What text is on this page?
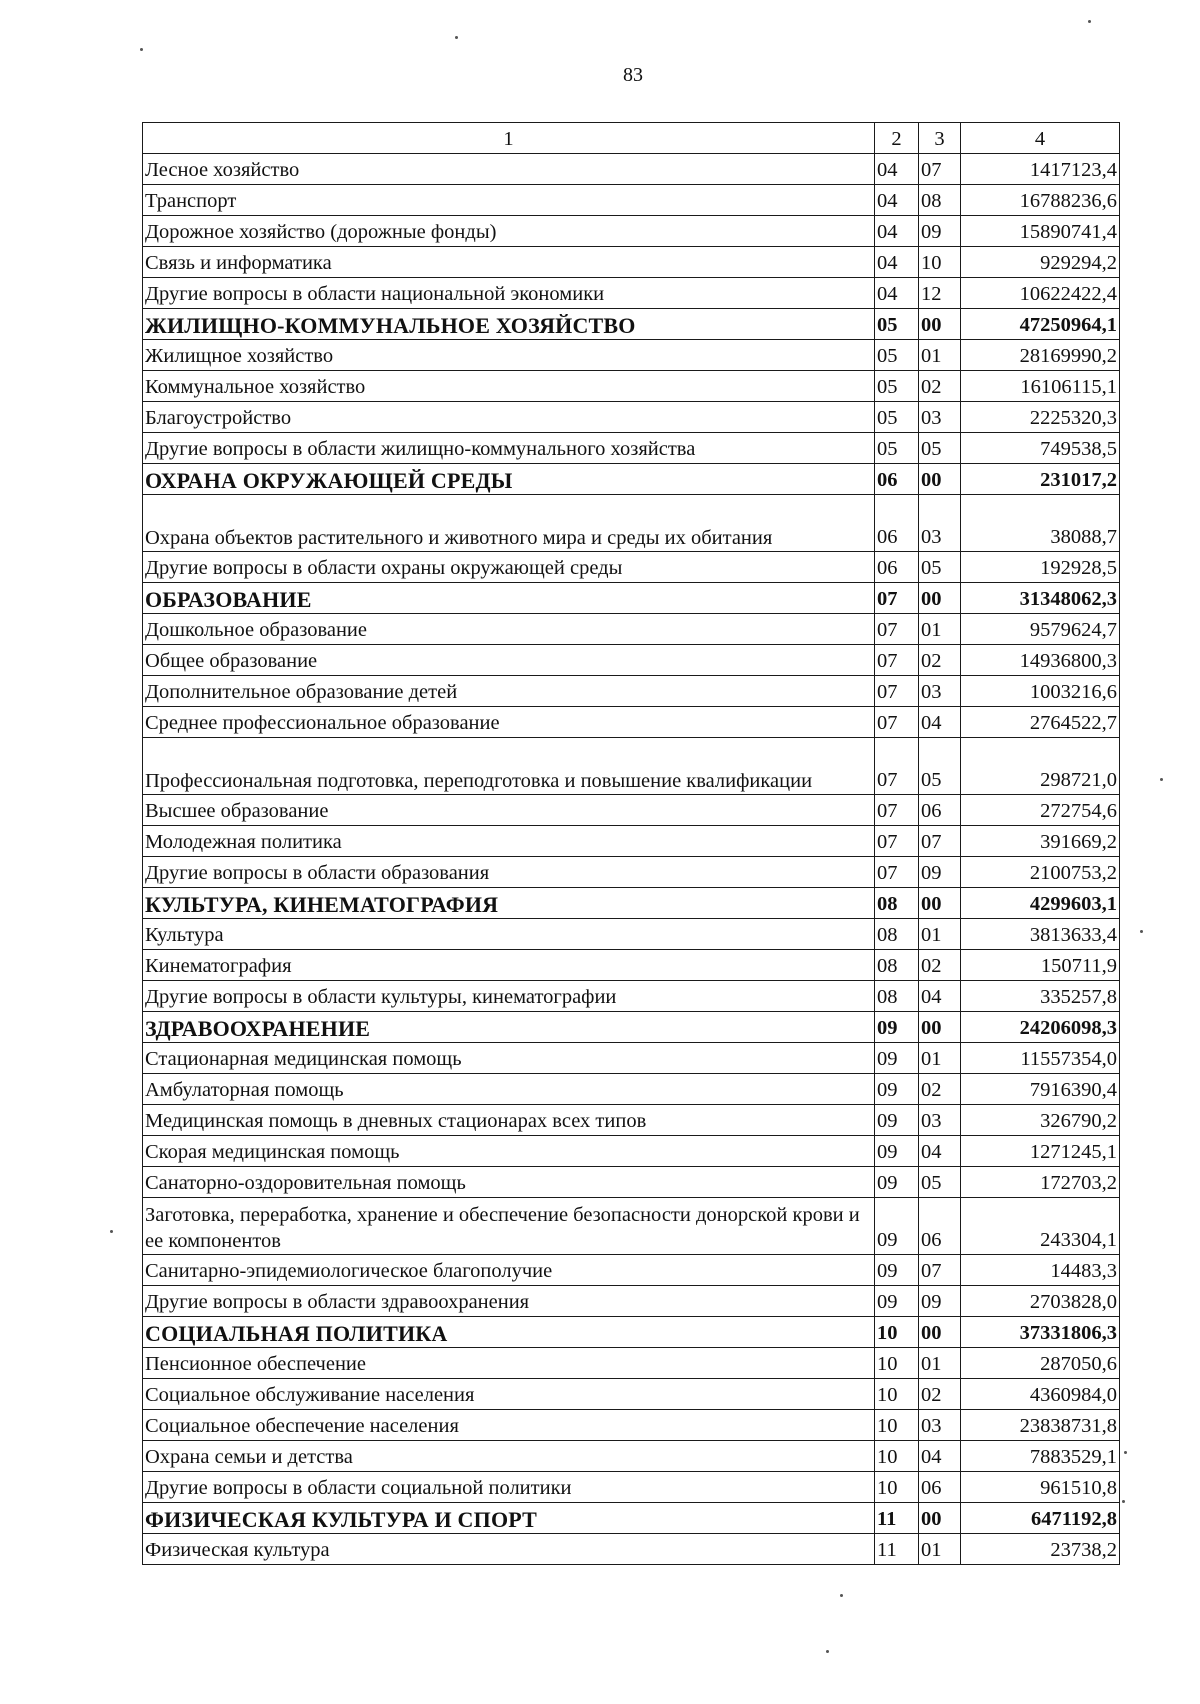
83
1	2	3	4
Лесное хозяйство	04	07	1417123,4
Транспорт	04	08	16788236,6
Дорожное хозяйство (дорожные фонды)	04	09	15890741,4
Связь и информатика	04	10	929294,2
Другие вопросы в области национальной экономики	04	12	10622422,4
ЖИЛИЩНО-КОММУНАЛЬНОЕ ХОЗЯЙСТВО	05	00	47250964,1
Жилищное хозяйство	05	01	28169990,2
Коммунальное хозяйство	05	02	16106115,1
Благоустройство	05	03	2225320,3
Другие вопросы в области жилищно-коммунального хозяйства	05	05	749538,5
ОХРАНА ОКРУЖАЮЩЕЙ СРЕДЫ	06	00	231017,2
Охрана объектов растительного и животного мира и среды их обитания	06	03	38088,7
Другие вопросы в области охраны окружающей среды	06	05	192928,5
ОБРАЗОВАНИЕ	07	00	31348062,3
Дошкольное образование	07	01	9579624,7
Общее образование	07	02	14936800,3
Дополнительное образование детей	07	03	1003216,6
Среднее профессиональное образование	07	04	2764522,7
Профессиональная подготовка, переподготовка и повышение квалификации	07	05	298721,0
Высшее образование	07	06	272754,6
Молодежная политика	07	07	391669,2
Другие вопросы в области образования	07	09	2100753,2
КУЛЬТУРА, КИНЕМАТОГРАФИЯ	08	00	4299603,1
Культура	08	01	3813633,4
Кинематография	08	02	150711,9
Другие вопросы в области культуры, кинематографии	08	04	335257,8
ЗДРАВООХРАНЕНИЕ	09	00	24206098,3
Стационарная медицинская помощь	09	01	11557354,0
Амбулаторная помощь	09	02	7916390,4
Медицинская помощь в дневных стационарах всех типов	09	03	326790,2
Скорая медицинская помощь	09	04	1271245,1
Санаторно-оздоровительная помощь	09	05	172703,2
Заготовка, переработка, хранение и обеспечение безопасности донорской крови и ее компонентов	09	06	243304,1
Санитарно-эпидемиологическое благополучие	09	07	14483,3
Другие вопросы в области здравоохранения	09	09	2703828,0
СОЦИАЛЬНАЯ ПОЛИТИКА	10	00	37331806,3
Пенсионное обеспечение	10	01	287050,6
Социальное обслуживание населения	10	02	4360984,0
Социальное обеспечение населения	10	03	23838731,8
Охрана семьи и детства	10	04	7883529,1
Другие вопросы в области социальной политики	10	06	961510,8
ФИЗИЧЕСКАЯ КУЛЬТУРА И СПОРТ	11	00	6471192,8
Физическая культура	11	01	23738,2
